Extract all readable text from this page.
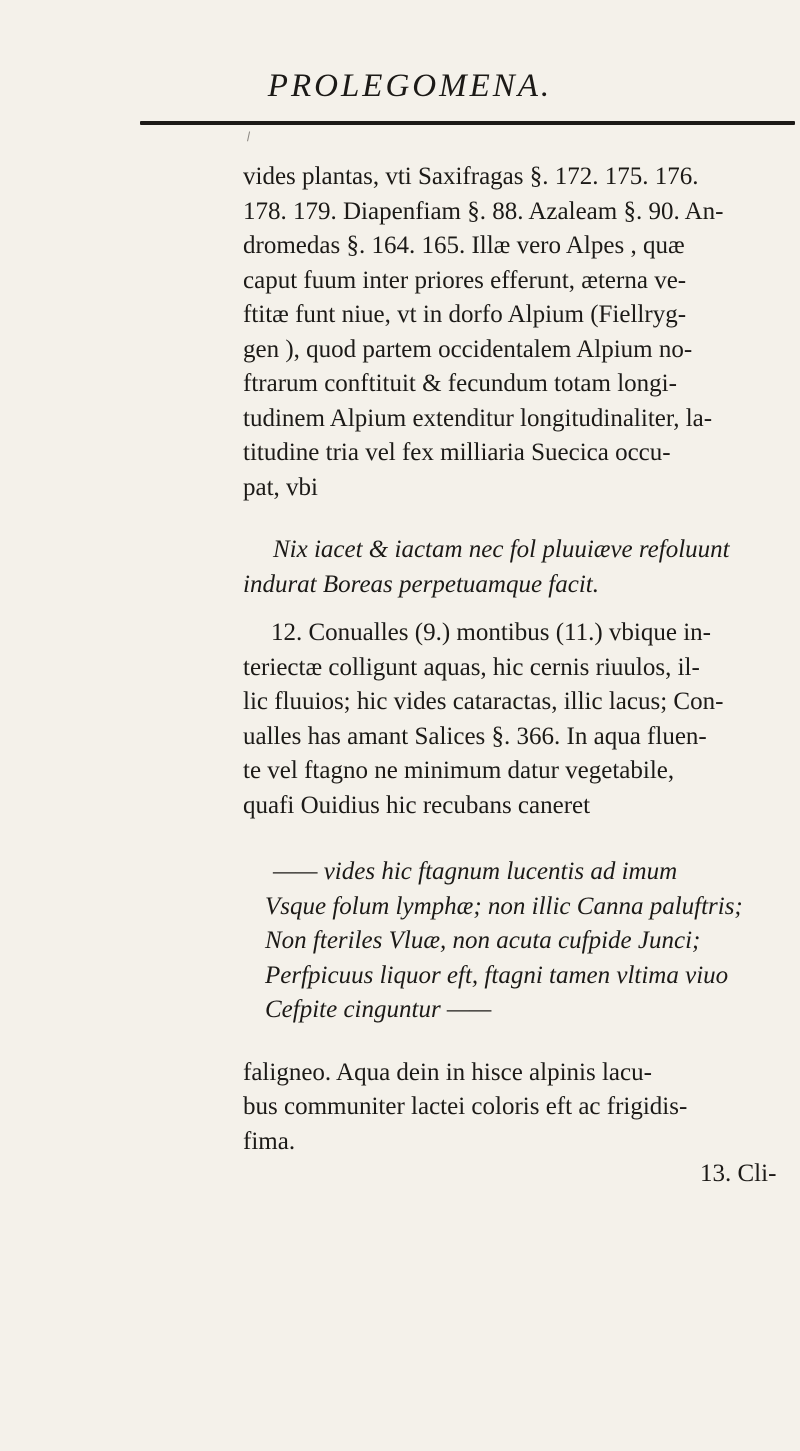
PROLEGOMENA.

vides plantas, vti Saxifragas §. 172. 175. 176.
178. 179. Diapenfiam §. 88. Azaleam §. 90. An-
dromedas §. 164. 165. Illæ vero Alpes , quæ
caput fuum inter priores efferunt, æterna ve-
ftitæ funt niue, vt in dorfo Alpium (Fiellryg-
gen ), quod partem occidentalem Alpium no-
ftrarum conftituit & fecundum totam longi-
tudinem Alpium extenditur longitudinaliter, la-
titudine tria vel fex milliaria Suecica occu-
pat, vbi

Nix iacet & iactam nec fol pluuiæve refoluunt
indurat Boreas perpetuamque facit.

12. Conualles (9.) montibus (11.) vbique in-
teriectæ colligunt aquas, hic cernis riuulos, il-
lic fluuios; hic vides cataractas, illic lacus; Con-
ualles has amant Salices §. 366. In aqua fluen-
te vel ftagno ne minimum datur vegetabile,
quafi Ouidius hic recubans caneret

—— vides hic ftagnum lucentis ad imum
Vsque folum lymphæ; non illic Canna paluftris;
Non fteriles Vluæ, non acuta cufpide Junci;
Perfpicuus liquor eft, ftagni tamen vltima viuo
Cefpite cinguntur ——

faligneo. Aqua dein in hisce alpinis lacu-
bus communiter lactei coloris eft ac frigidis-
fima.

13. Cli-
